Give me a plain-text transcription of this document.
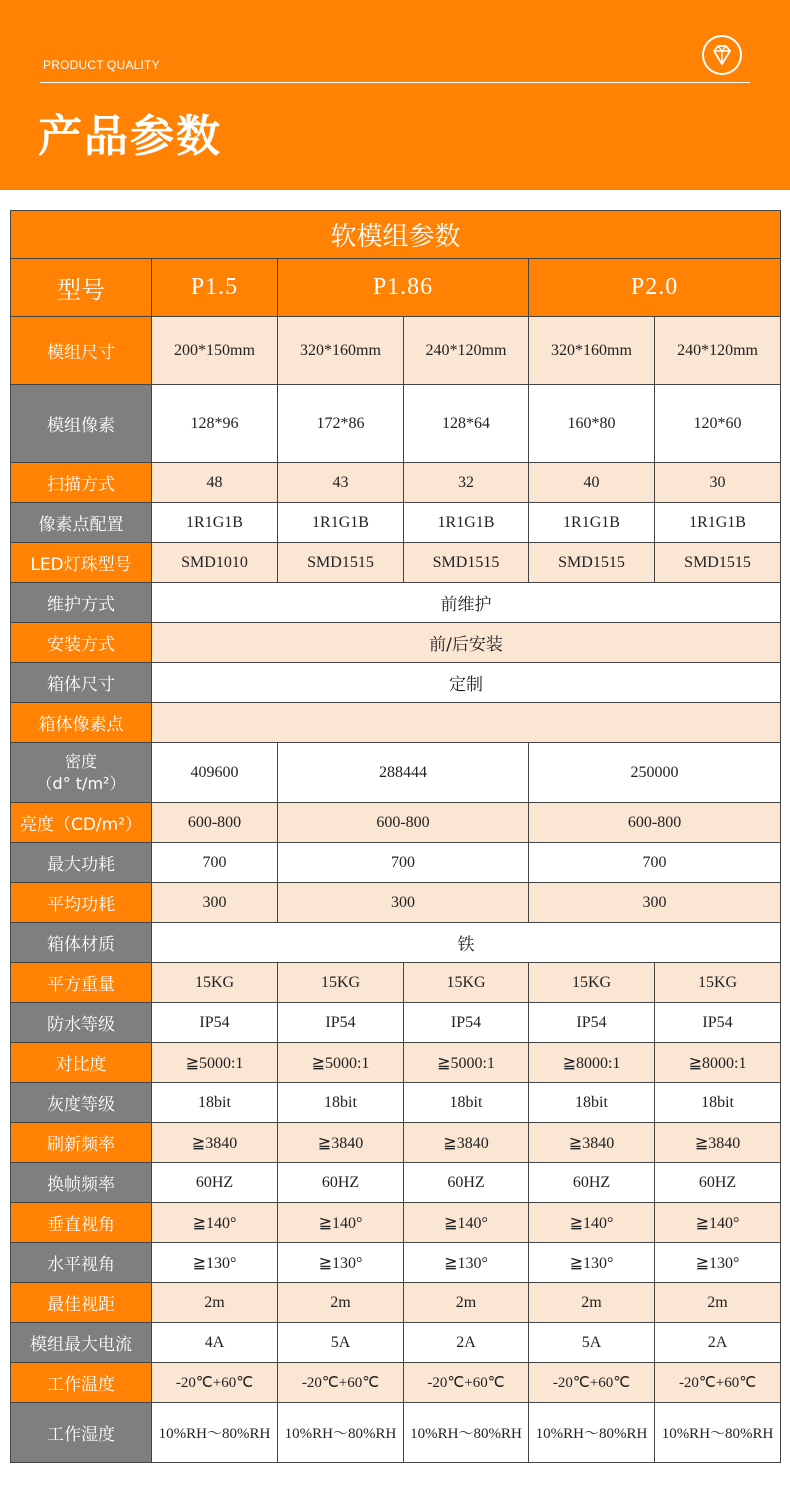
PRODUCT QUALITY
产品参数
软模组参数					
型号	P1.5	P1.86		P2.0	
模组尺寸	200*150mm	320*160mm	240*120mm	320*160mm	240*120mm
模组像素	128*96	172*86	128*64	160*80	120*60
扫描方式	48	43	32	40	30
像素点配置	1R1G1B	1R1G1B	1R1G1B	1R1G1B	1R1G1B
LED灯珠型号	SMD1010	SMD1515	SMD1515	SMD1515	SMD1515
维护方式	前维护				
安装方式	前/后安装				
箱体尺寸	定制				
箱体像素点					

密度
（d° t/m²）	409600	288444		250000	
亮度（CD/m²）	600-800	600-800		600-800	
最大功耗	700	700		700	
平均功耗	300	300		300	
箱体材质	铁				
平方重量	15KG	15KG	15KG	15KG	15KG
防水等级	IP54	IP54	IP54	IP54	IP54
对比度	≧5000:1	≧5000:1	≧5000:1	≧8000:1	≧8000:1
灰度等级	18bit	18bit	18bit	18bit	18bit
刷新频率	≧3840	≧3840	≧3840	≧3840	≧3840
换帧频率	60HZ	60HZ	60HZ	60HZ	60HZ
垂直视角	≧140°	≧140°	≧140°	≧140°	≧140°
水平视角	≧130°	≧130°	≧130°	≧130°	≧130°
最佳视距	2m	2m	2m	2m	2m
模组最大电流	4A	5A	2A	5A	2A
工作温度	-20℃+60℃	-20℃+60℃	-20℃+60℃	-20℃+60℃	-20℃+60℃
工作湿度	10%RH～80%RH	10%RH～80%RH	10%RH～80%RH	10%RH～80%RH	10%RH～80%RH
